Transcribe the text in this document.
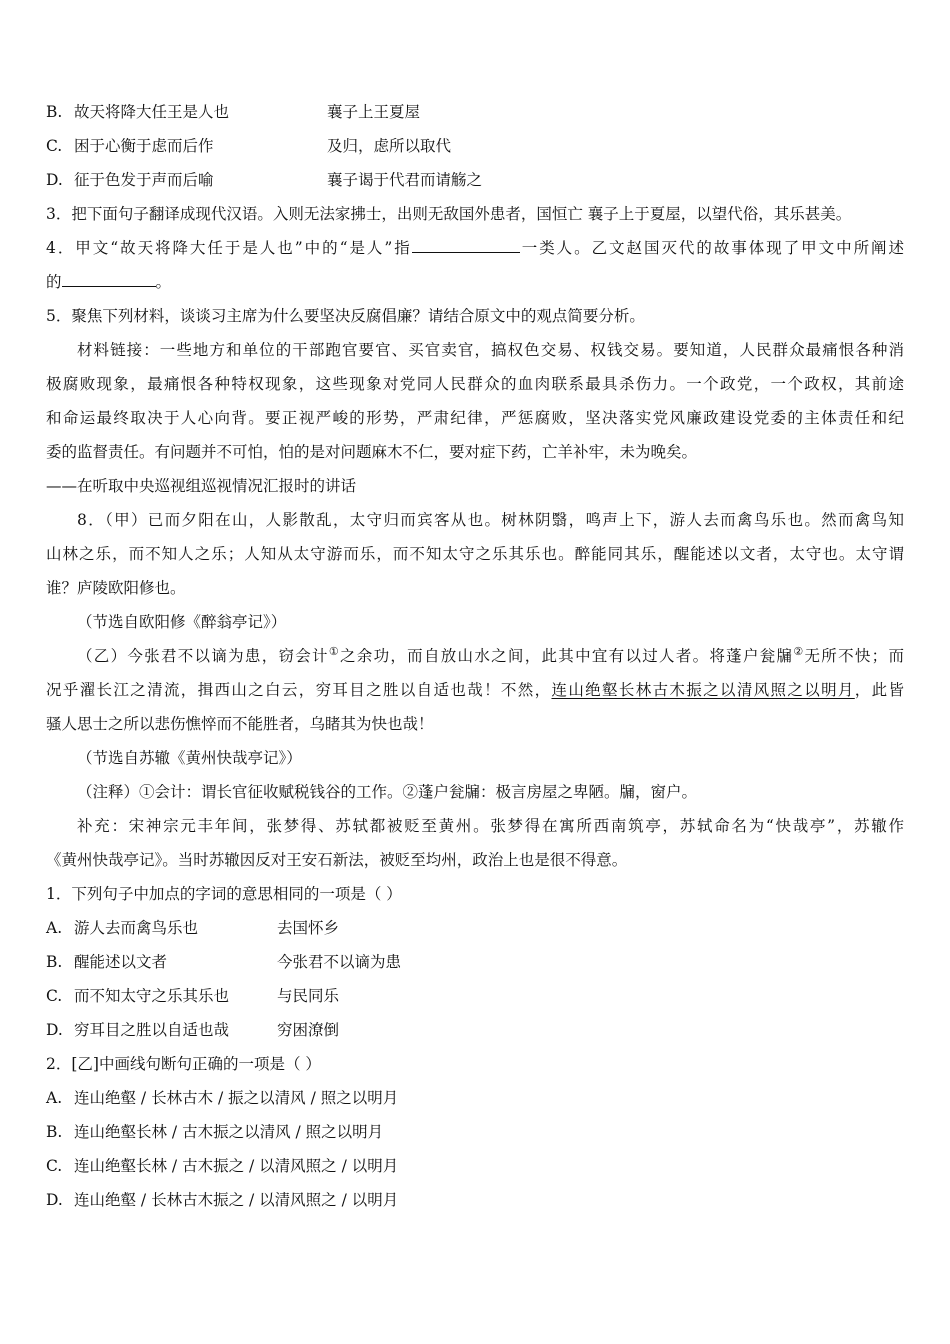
B. 故天将降大任王是人也	襄子上王夏屋
C. 困于心衡于虑而后作	及归，虑所以取代
D. 征于色发于声而后喻	襄子谒于代君而请觞之
3．把下面句子翻译成现代汉语。入则无法家拂士，出则无敌国外患者，国恒亡 襄子上于夏屋，以望代俗，其乐甚美。
4．甲文“故天将降大任于是人也”中的“是人”指	一类人。乙文赵国灭代的故事体现了甲文中所阐述
的	。
5．聚焦下列材料，谈谈习主席为什么要坚决反腐倡廉？请结合原文中的观点简要分析。
材料链接：一些地方和单位的干部跑官要官、买官卖官，搞权色交易、权钱交易。要知道，人民群众最痛恨各种消
极腐败现象，最痛恨各种特权现象，这些现象对党同人民群众的血肉联系最具杀伤力。一个政党，一个政权，其前途
和命运最终取决于人心向背。要正视严峻的形势，严肃纪律，严惩腐败，坚决落实党风廉政建设党委的主体责任和纪
委的监督责任。有问题并不可怕，怕的是对问题麻木不仁，要对症下药，亡羊补牢，未为晚矣。
——在听取中央巡视组巡视情况汇报时的讲话
8．（甲）已而夕阳在山，人影散乱，太守归而宾客从也。树林阴翳，鸣声上下，游人去而禽鸟乐也。然而禽鸟知
山林之乐，而不知人之乐；人知从太守游而乐，而不知太守之乐其乐也。醉能同其乐，醒能述以文者，太守也。太守谓
谁？庐陵欧阳修也。
（节选自欧阳修《醉翁亭记》）
（乙）今张君不以谪为患，窃会计①之余功，而自放山水之间，此其中宜有以过人者。将蓬户瓮牖②无所不快；而
况乎濯长江之清流，揖西山之白云，穷耳目之胜以自适也哉！不然，连山绝壑长林古木振之以清风照之以明月，此皆
骚人思士之所以悲伤憔悴而不能胜者，乌睹其为快也哉！
（节选自苏辙《黄州快哉亭记》）
（注释）①会计：谓长官征收赋税钱谷的工作。②蓬户瓮牖：极言房屋之卑陋。牖，窗户。
补充：宋神宗元丰年间，张梦得、苏轼都被贬至黄州。张梦得在寓所西南筑亭，苏轼命名为“快哉亭”，苏辙作
《黄州快哉亭记》。当时苏辙因反对王安石新法，被贬至均州，政治上也是很不得意。
1．下列句子中加点的字词的意思相同的一项是（ ）
A. 游人去而禽鸟乐也	去国怀乡
B. 醒能述以文者	今张君不以谪为患
C. 而不知太守之乐其乐也	与民同乐
D. 穷耳目之胜以自适也哉	穷困潦倒
2．[乙]中画线句断句正确的一项是（ ）
A. 连山绝壑 / 长林古木 / 振之以清风 / 照之以明月
B. 连山绝壑长林 / 古木振之以清风 / 照之以明月
C. 连山绝壑长林 / 古木振之 / 以清风照之 / 以明月
D. 连山绝壑 / 长林古木振之 / 以清风照之 / 以明月
